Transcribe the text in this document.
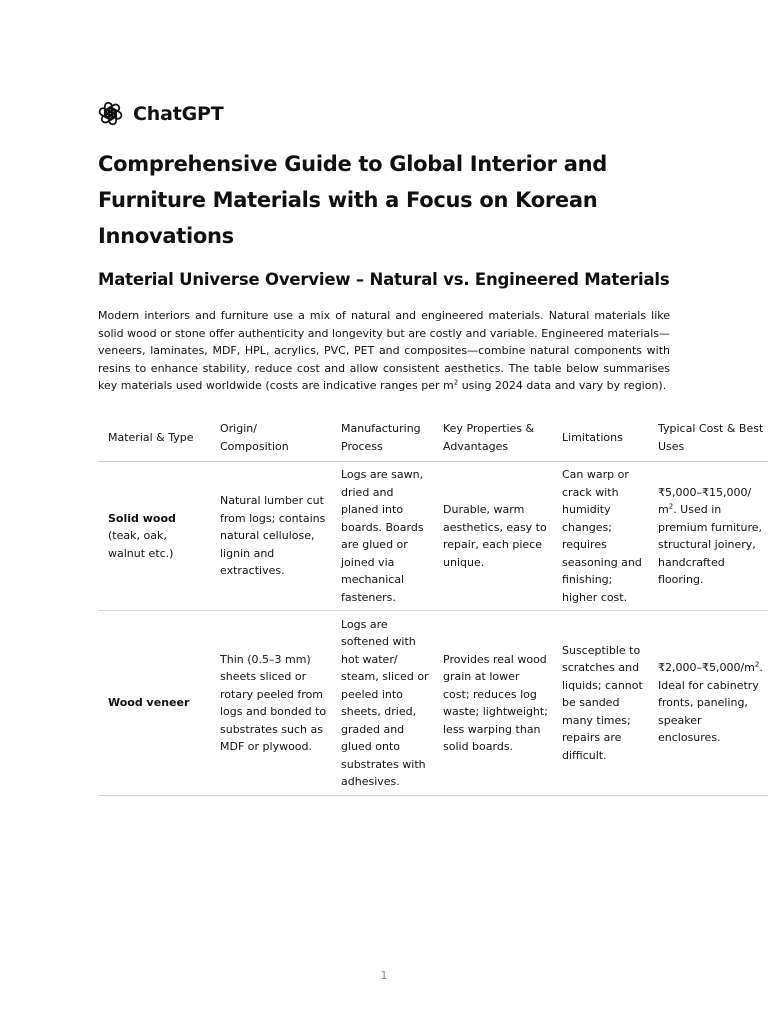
ChatGPT
Comprehensive Guide to Global Interior and Furniture Materials with a Focus on Korean Innovations
Material Universe Overview – Natural vs. Engineered Materials

Modern interiors and furniture use a mix of natural and engineered materials. Natural materials like solid wood or stone offer authenticity and longevity but are costly and variable. Engineered materials—veneers, laminates, MDF, HPL, acrylics, PVC, PET and composites—combine natural components with resins to enhance stability, reduce cost and allow consistent aesthetics. The table below summarises key materials used worldwide (costs are indicative ranges per $m^2$ using 2024 data and vary by region).

Material & Type	Origin/ Composition	Manufacturing Process	Key Properties & Advantages	Limitations	Typical Cost & Best Uses
Solid wood
(teak, oak, walnut etc.)	Natural lumber cut from logs; contains natural cellulose, lignin and extractives.	Logs are sawn, dried and planed into boards. Boards are glued or joined via mechanical fasteners.	Durable, warm aesthetics, easy to repair, each piece unique.	Can warp or crack with humidity changes; requires seasoning and finishing; higher cost.	₹5,000–₹15,000/ $m^2$. Used in premium furniture, structural joinery, handcrafted flooring.
Wood veneer	Thin (0.5–3 mm) sheets sliced or rotary peeled from logs and bonded to substrates such as MDF or plywood.	Logs are softened with hot water/ steam, sliced or peeled into sheets, dried, graded and glued onto substrates with adhesives.	Provides real wood grain at lower cost; reduces log waste; lightweight; less warping than solid boards.	Susceptible to scratches and liquids; cannot be sanded many times; repairs are difficult.	$₹2,000-₹5,000/m^2$. Ideal for cabinetry fronts, paneling, speaker enclosures.
1
